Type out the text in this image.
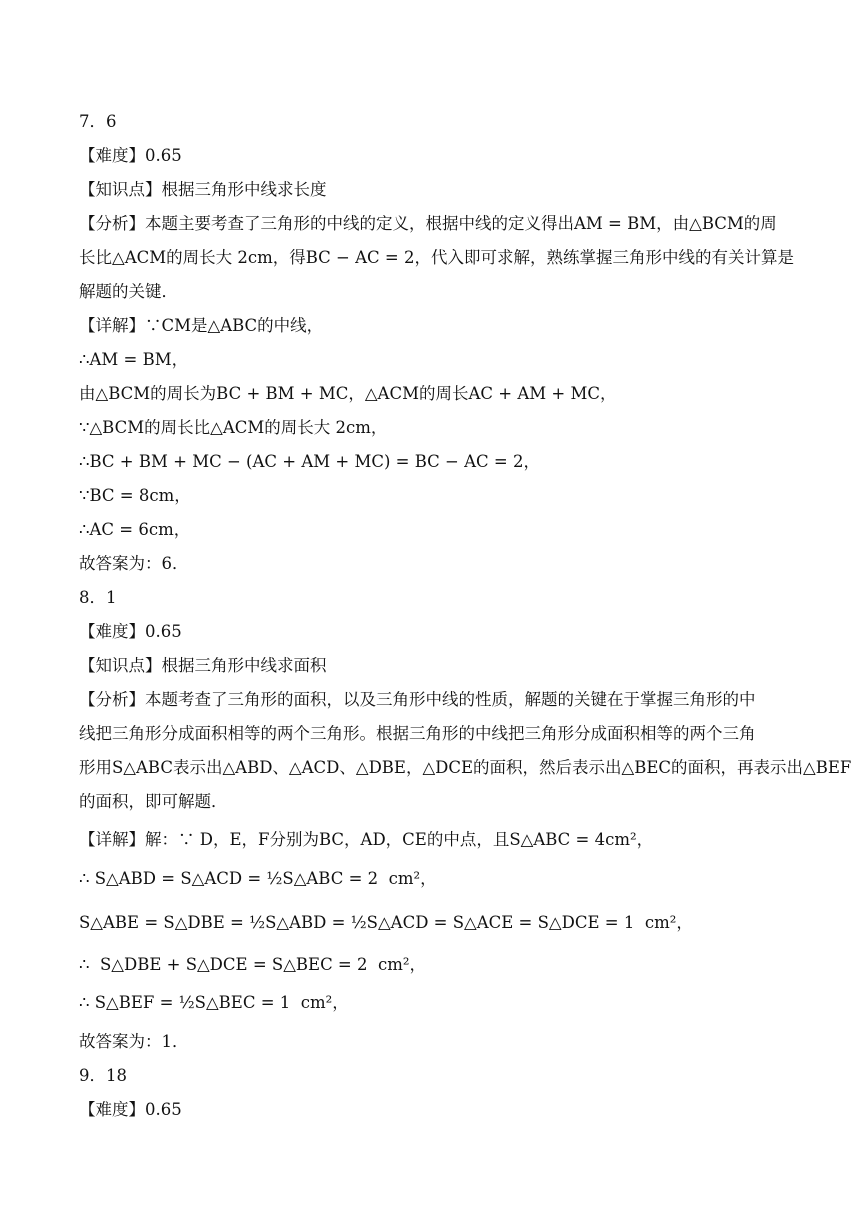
7．6
【难度】0.65
【知识点】根据三角形中线求长度
【分析】本题主要考查了三角形的中线的定义，根据中线的定义得出AM = BM，由△BCM的周
长比△ACM的周长大 2cm，得BC − AC = 2，代入即可求解，熟练掌握三角形中线的有关计算是
解题的关键．
【详解】∵CM是△ABC的中线，
∴AM = BM，
由△BCM的周长为BC + BM + MC，△ACM的周长AC + AM + MC，
∵△BCM的周长比△ACM的周长大 2cm，
∴BC + BM + MC − (AC + AM + MC) = BC − AC = 2，
∵BC = 8cm，
∴AC = 6cm，
故答案为：6．
8．1
【难度】0.65
【知识点】根据三角形中线求面积
【分析】本题考查了三角形的面积，以及三角形中线的性质，解题的关键在于掌握三角形的中
线把三角形分成面积相等的两个三角形。根据三角形的中线把三角形分成面积相等的两个三角
形用S△ABC表示出△ABD、△ACD、△DBE，△DCE的面积，然后表示出△BEC的面积，再表示出△BEF
的面积，即可解题．
【详解】解：∵ D，E，F分别为BC，AD，CE的中点，且S△ABC = 4cm²，
∴ S△ABD = S△ACD = ½S△ABC = 2  cm²，
S△ABE = S△DBE = ½S△ABD = ½S△ACD = S△ACE = S△DCE = 1  cm²，
∴  S△DBE + S△DCE = S△BEC = 2  cm²，
∴ S△BEF = ½S△BEC = 1  cm²，
故答案为：1．
9．18
【难度】0.65
